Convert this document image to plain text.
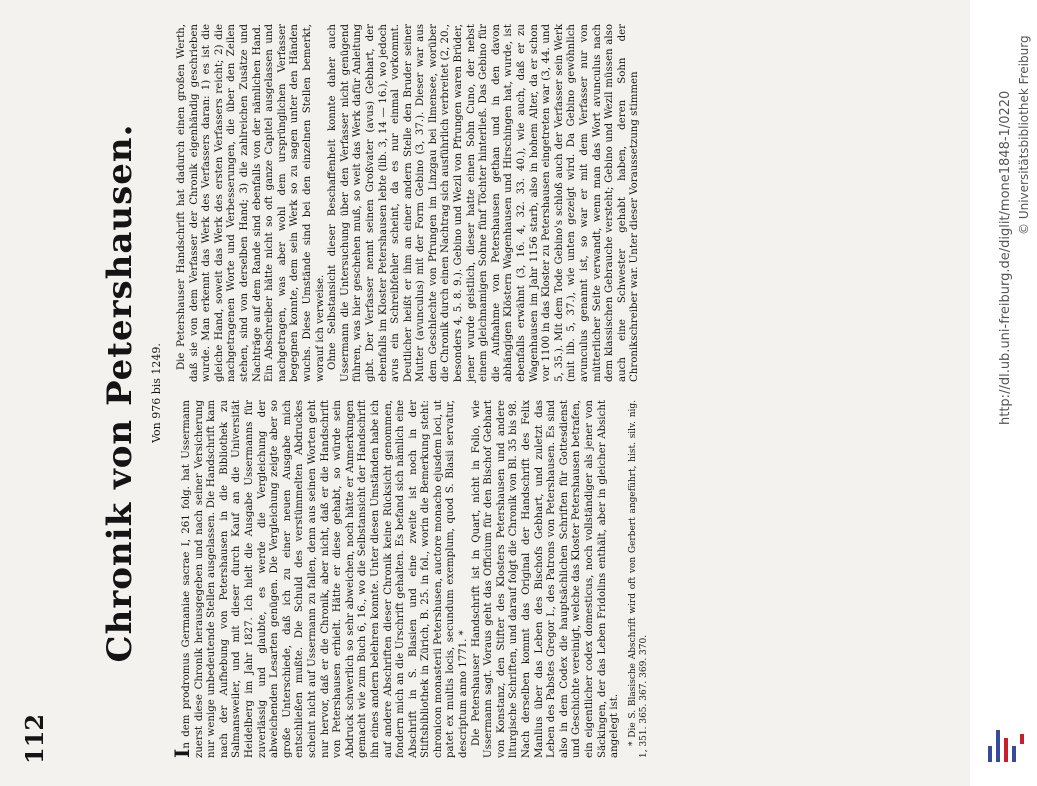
112
Chronik von Petershausen. Von 976 bis 1249.

In dem prodromus Germaniae sacrae I, 261 folg. hat Ussermann zuerst diese Chronik herausgegeben und nach seiner Versicherung nur wenige unbedeutende Stellen ausgelassen. Die Handschrift kam nach der Aufhebung von Petershausen in die Bibliothek zu Salmansweiler, und mit dieser durch Kauf an die Universität Heidelberg im Jahr 1827. Ich hielt die Ausgabe Ussermanns für zuverlässig und glaubte, es werde die Vergleichung der abweichenden Lesarten genügen. Die Vergleichung zeigte aber so große Unterschiede, daß ich zu einer neuen Ausgabe mich entschließen mußte. Die Schuld des verstümmelten Abdruckes scheint nicht auf Ussermann zu fallen, denn aus seinen Worten geht nur hervor, daß er die Chronik, aber nicht, daß er die Handschrift von Petershausen erhielt. Hätte er diese gehabt, so würde sein Abdruck schwerlich so sehr abweichen, noch hätte er Anmerkungen gemacht wie zum Buch 6, 16., wo die Selbstansicht der Handschrift ihn eines andern belehren konnte. Unter diesen Umständen habe ich auf andere Abschriften dieser Chronik keine Rücksicht genommen, fondern mich an die Urschrift gehalten. Es befand sich nämlich eine Abschrift in S. Blasien und eine zweite ist noch in der Stiftsbibliothek in Zürich, B. 25. in fol., worin die Bemerkung steht: chronicon monasterii Petershusen, auctore monacho ejusdem loci, ut patet ex multis locis, secundum exemplum, quod S. Blasii servatur, descriptum anno 1771. * Die Petershauser Handschrift ist in Quart, nicht in Folio, wie Ussermann sagt. Voraus geht das Officium für den Bischof Gebhart von Konstanz, den Stifter des Klosters Petershausen und andere liturgische Schriften, und darauf folgt die Chronik von Bl. 35 bis 98. Nach derselben kommt das Original der Handschrift des Felix Manlius über das Leben des Bischofs Gebhart, und zuletzt das Leben des Pabstes Gregor I., des Patrons von Petershausen. Es sind also in dem Codex die hauptsächlichen Schriften für Gottesdienst und Geschichte vereinigt, welche das Kloster Petershausen betrafen, ein eigentlicher codex domesticus, noch vollständiger als jener von Säckingen, der das Leben Fridolins enthält, aber in gleicher Absicht angelegt ist. * Die S. Blasische Abschrift wird oft von Gerbert angeführt, hist. silv. nig. 1, 351. 365. 367. 369. 370.

Die Petershauser Handschrift hat dadurch einen großen Werth, daß sie von dem Verfasser der Chronik eigenhändig geschrieben wurde. Man erkennt das Werk des Verfassers daran: 1) es ist die gleiche Hand, soweit das Werk des ersten Verfassers reicht; 2) die nachgetragenen Worte und Verbesserungen, die über den Zeilen stehen, sind von derselben Hand; 3) die zahlreichen Zusätze und Nachträge auf dem Rande sind ebenfalls von der nämlichen Hand. Ein Abschreiber hätte nicht so oft ganze Capitel ausgelassen und nachgetragen, was aber wohl dem ursprünglichen Verfasser begegnen konnte, dem sein Werk so zu sagen unter den Händen wuchs. Diese Umstände sind bei den einzelnen Stellen bemerkt, worauf ich verweise. Ohne Selbstansicht dieser Beschaffenheit konnte daher auch Ussermann die Untersuchung über den Verfasser nicht genügend führen, was hier geschehen muß, so weit das Werk dafür Anleitung gibt. Der Verfasser nennt seinen Großvater (avus) Gebhart, der ebenfalls im Kloster Petershausen lebte (lib. 3, 14 — 16.), wo jedoch avus ein Schreibfehler scheint, da es nur einmal vorkommt. Deutlicher heißt er ihm an einer andern Stelle den Bruder seiner Mutter (avunculus) mit der Form Gebino (3, 37.). Dieser war aus dem Geschlechte von Pfrungen im Linzgau bei Ilmensee, worüber die Chronik durch einen Nachtrag sich ausführlich verbreitet (2, 20., besonders 4, 5. 8. 9.). Gebino und Wezil von Pfrungen waren Brüder, jener wurde geistlich, dieser hatte einen Sohn Cuno, der nebst einem gleichnamigen Sohne fünf Töchter hinterließ. Das Gebino für die Aufnahme von Petershausen gethan und in den davon abhängigen Klöstern Wagenhausen und Hirschingen hat, wurde, ist ebenfalls erwähnt (3, 16. 4, 32. 33. 40.), wie auch, daß er zu Wagenhausen im Jahr 1156 starb, also in hohem Alter, da er schon vor 1100 in das Kloster zu Petershausen eingetreten war (3, 44. und 5, 35.). Mit dem Tode Gebino's schloß auch der Verfasser sein Werk (mit lib. 5, 37.), wie unten gezeigt wird. Da Gebino gewöhnlich avunculus genannt ist, so war er mit dem Verfasser nur von mütterlicher Seite verwandt, wenn man das Wort avunculus nach dem klassischen Gebrauche versteht; Gebino und Wezil müssen also auch eine Schwester gehabt haben, deren Sohn der Chronikschreiber war. Unter dieser Voraussetzung stimmen	http://dl.ub.uni-freiburg.de/diglit/mone1848-1/0220 © Universitätsbibliothek Freiburg
